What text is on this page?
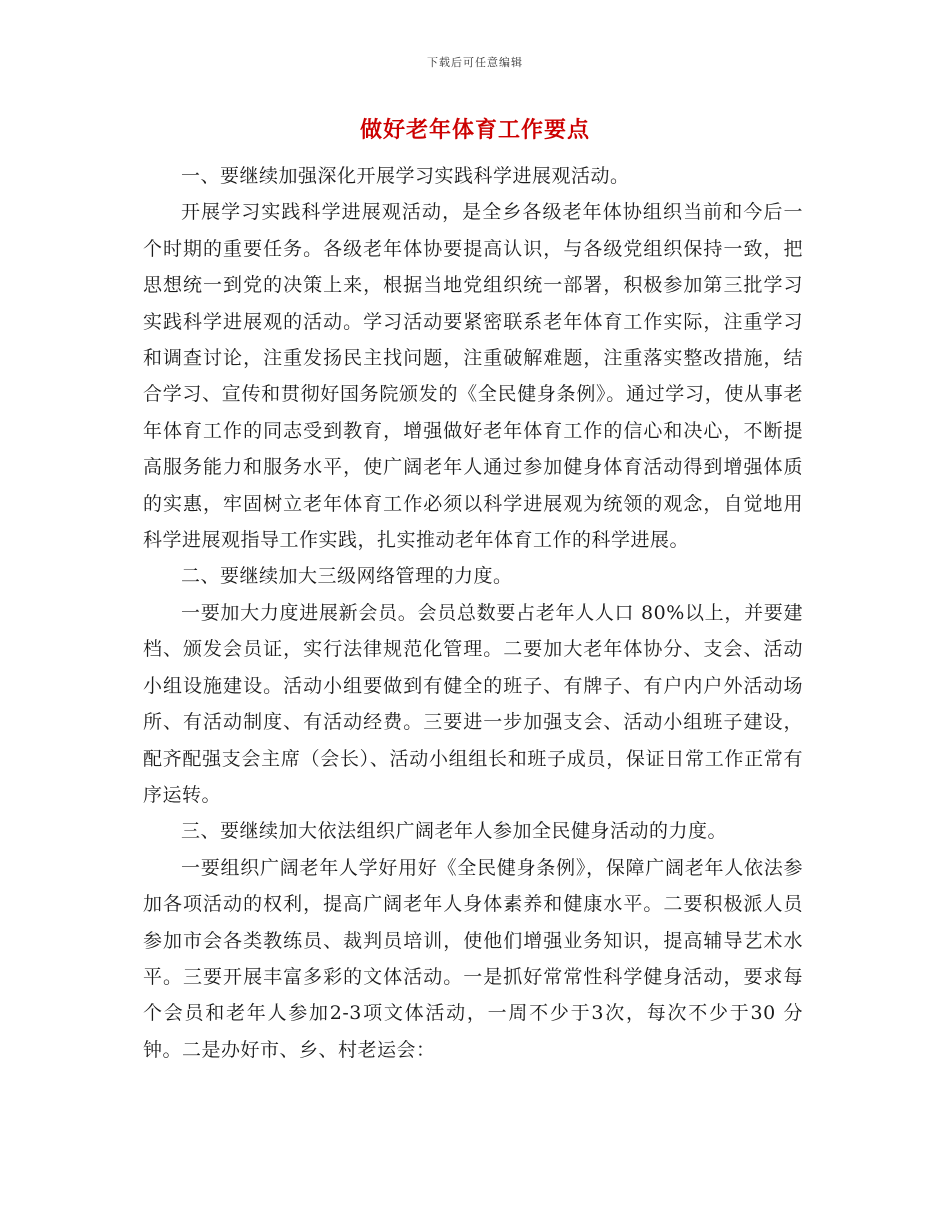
下载后可任意编辑
做好老年体育工作要点

一、要继续加强深化开展学习实践科学进展观活动。

开展学习实践科学进展观活动，是全乡各级老年体协组织当前和今后一个时期的重要任务。各级老年体协要提高认识，与各级党组织保持一致，把思想统一到党的决策上来，根据当地党组织统一部署，积极参加第三批学习实践科学进展观的活动。学习活动要紧密联系老年体育工作实际，注重学习和调查讨论，注重发扬民主找问题，注重破解难题，注重落实整改措施，结合学习、宣传和贯彻好国务院颁发的《全民健身条例》。通过学习，使从事老年体育工作的同志受到教育，增强做好老年体育工作的信心和决心，不断提高服务能力和服务水平，使广阔老年人通过参加健身体育活动得到增强体质的实惠，牢固树立老年体育工作必须以科学进展观为统领的观念，自觉地用科学进展观指导工作实践，扎实推动老年体育工作的科学进展。

二、要继续加大三级网络管理的力度。

一要加大力度进展新会员。会员总数要占老年人人口 80%以上，并要建档、颁发会员证，实行法律规范化管理。二要加大老年体协分、支会、活动小组设施建设。活动小组要做到有健全的班子、有牌子、有户内户外活动场所、有活动制度、有活动经费。三要进一步加强支会、活动小组班子建设，配齐配强支会主席（会长）、活动小组组长和班子成员，保证日常工作正常有序运转。

三、要继续加大依法组织广阔老年人参加全民健身活动的力度。

一要组织广阔老年人学好用好《全民健身条例》，保障广阔老年人依法参加各项活动的权利，提高广阔老年人身体素养和健康水平。二要积极派人员参加市会各类教练员、裁判员培训，使他们增强业务知识，提高辅导艺术水平。三要开展丰富多彩的文体活动。一是抓好常常性科学健身活动，要求每个会员和老年人参加2-3项文体活动，一周不少于3次，每次不少于30 分钟。二是办好市、乡、村老运会：
